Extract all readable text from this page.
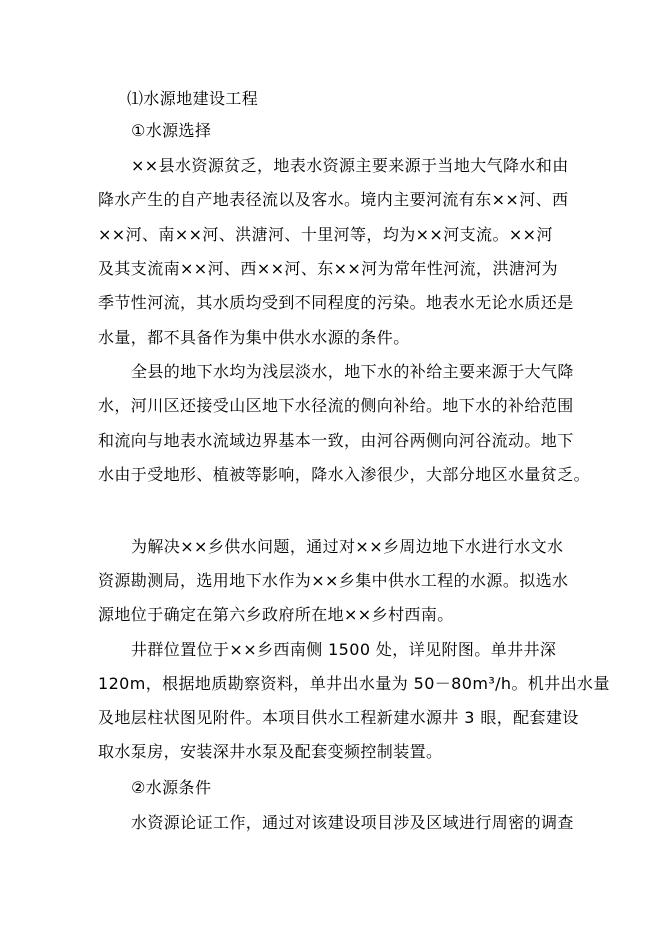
⑴水源地建设工程
①水源选择
××县水资源贫乏，地表水资源主要来源于当地大气降水和由
降水产生的自产地表径流以及客水。境内主要河流有东××河、西
××河、南××河、洪溏河、十里河等，均为××河支流。××河
及其支流南××河、西××河、东××河为常年性河流，洪溏河为
季节性河流，其水质均受到不同程度的污染。地表水无论水质还是
水量，都不具备作为集中供水水源的条件。
全县的地下水均为浅层淡水，地下水的补给主要来源于大气降
水，河川区还接受山区地下水径流的侧向补给。地下水的补给范围
和流向与地表水流域边界基本一致，由河谷两侧向河谷流动。地下
水由于受地形、植被等影响，降水入渗很少，大部分地区水量贫乏。
为解决××乡供水问题，通过对××乡周边地下水进行水文水
资源勘测局，选用地下水作为××乡集中供水工程的水源。拟选水
源地位于确定在第六乡政府所在地××乡村西南。
井群位置位于××乡西南侧 1500 处，详见附图。单井井深
120m，根据地质勘察资料，单井出水量为 50－80m³/h。机井出水量
及地层柱状图见附件。本项目供水工程新建水源井 3 眼，配套建设
取水泵房，安装深井水泵及配套变频控制装置。
②水源条件
水资源论证工作，通过对该建设项目涉及区域进行周密的调查
